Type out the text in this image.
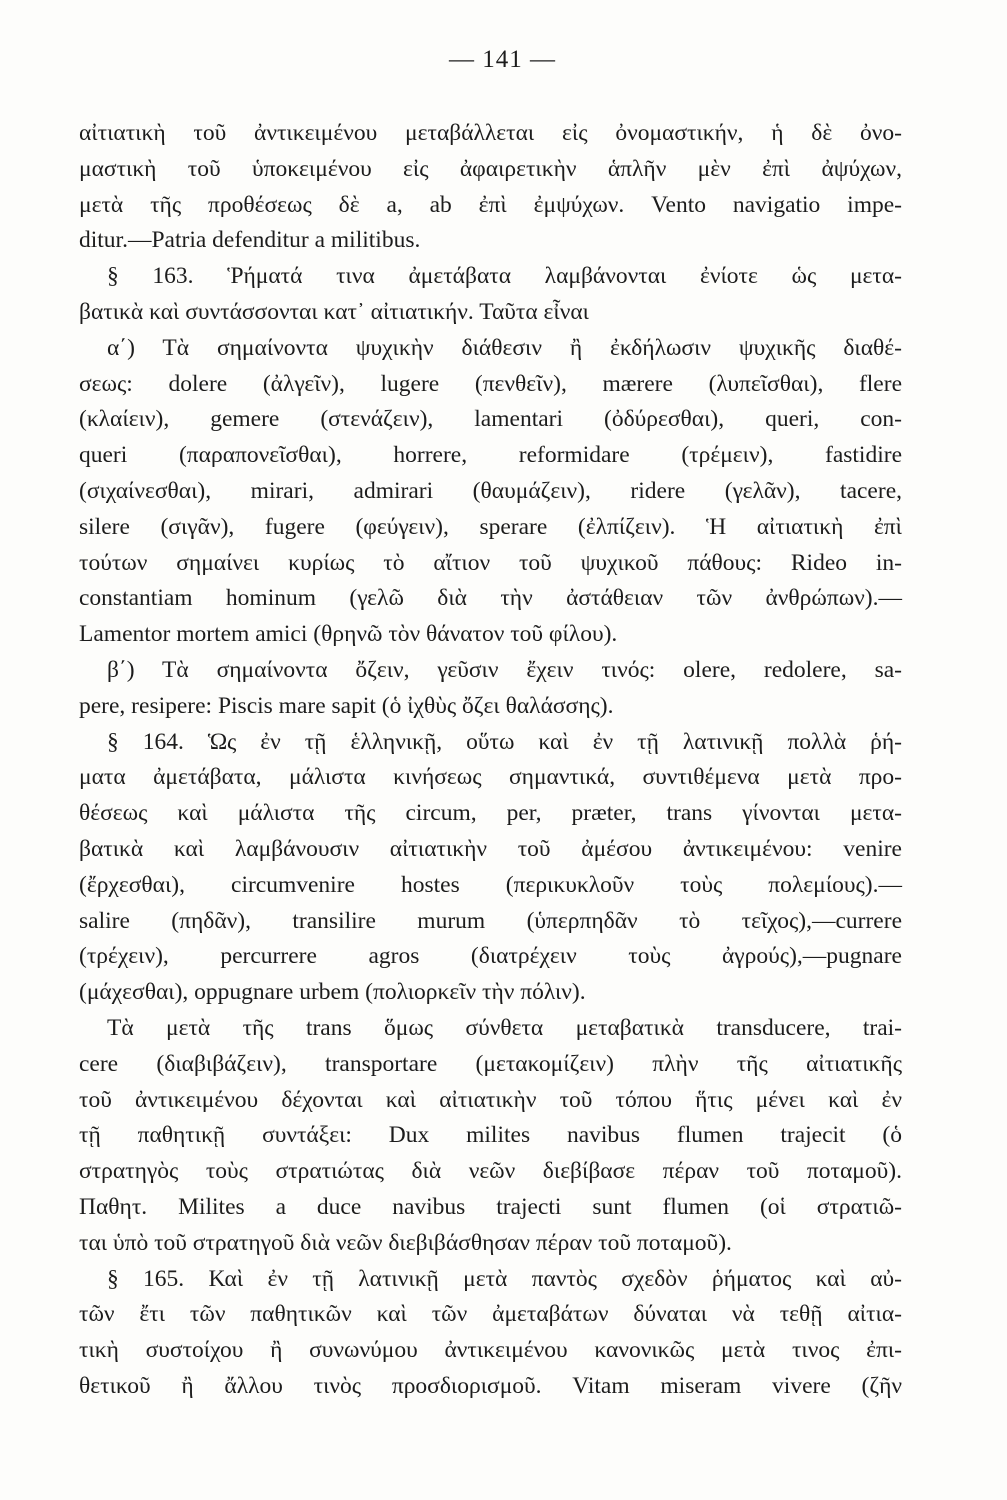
— 141 —
αἰτιατικὴ τοῦ ἀντικειμένου μεταβάλλεται εἰς ὀνομαστικήν, ἡ δὲ ὀνο-
μαστικὴ τοῦ ὑποκειμένου εἰς ἀφαιρετικὴν ἁπλῆν μὲν ἐπὶ ἀψύχων,
μετὰ τῆς προθέσεως δὲ a, ab ἐπὶ ἐμψύχων. Vento navigatio impe-
ditur.—Patria defenditur a militibus.
§ 163. Ῥήματά τινα ἀμετάβατα λαμβάνονται ἐνίοτε ὡς μετα-
βατικὰ καὶ συντάσσονται κατ᾽ αἰτιατικήν. Ταῦτα εἶναι
α΄) Τὰ σημαίνοντα ψυχικὴν διάθεσιν ἢ ἐκδήλωσιν ψυχικῆς διαθέ-
σεως: dolere (ἀλγεῖν), lugere (πενθεῖν), mærere (λυπεῖσθαι), flere
(κλαίειν), gemere (στενάζειν), lamentari (ὀδύρεσθαι), queri, con-
queri (παραπονεῖσθαι), horrere, reformidare (τρέμειν), fastidire
(σιχαίνεσθαι), mirari, admirari (θαυμάζειν), ridere (γελᾶν), tacere,
silere (σιγᾶν), fugere (φεύγειν), sperare (ἐλπίζειν). Ἡ αἰτιατικὴ ἐπὶ
τούτων σημαίνει κυρίως τὸ αἴτιον τοῦ ψυχικοῦ πάθους: Rideo in-
constantiam hominum (γελῶ διὰ τὴν ἀστάθειαν τῶν ἀνθρώπων).—
Lamentor mortem amici (θρηνῶ τὸν θάνατον τοῦ φίλου).
β΄) Τὰ σημαίνοντα ὄζειν, γεῦσιν ἔχειν τινός: olere, redolere, sa-
pere, resipere: Piscis mare sapit (ὁ ἰχθὺς ὄζει θαλάσσης).
§ 164. Ὡς ἐν τῇ ἑλληνικῇ, οὕτω καὶ ἐν τῇ λατινικῇ πολλὰ ῥή-
ματα ἀμετάβατα, μάλιστα κινήσεως σημαντικά, συντιθέμενα μετὰ προ-
θέσεως καὶ μάλιστα τῆς circum, per, præter, trans γίνονται μετα-
βατικὰ καὶ λαμβάνουσιν αἰτιατικὴν τοῦ ἀμέσου ἀντικειμένου: venire
(ἔρχεσθαι), circumvenire hostes (περικυκλοῦν τοὺς πολεμίους).—
salire (πηδᾶν), transilire murum (ὑπερπηδᾶν τὸ τεῖχος),—currere
(τρέχειν), percurrere agros (διατρέχειν τοὺς ἀγρούς),—pugnare
(μάχεσθαι), oppugnare urbem (πολιορκεῖν τὴν πόλιν).
Τὰ μετὰ τῆς trans ὅμως σύνθετα μεταβατικὰ transducere, trai-
cere (διαβιβάζειν), transportare (μετακομίζειν) πλὴν τῆς αἰτιατικῆς
τοῦ ἀντικειμένου δέχονται καὶ αἰτιατικὴν τοῦ τόπου ἥτις μένει καὶ ἐν
τῇ παθητικῇ συντάξει: Dux milites navibus flumen trajecit (ὁ
στρατηγὸς τοὺς στρατιώτας διὰ νεῶν διεβίβασε πέραν τοῦ ποταμοῦ).
Παθητ. Milites a duce navibus trajecti sunt flumen (οἱ στρατιῶ-
ται ὑπὸ τοῦ στρατηγοῦ διὰ νεῶν διεβιβάσθησαν πέραν τοῦ ποταμοῦ).
§ 165. Καὶ ἐν τῇ λατινικῇ μετὰ παντὸς σχεδὸν ῥήματος καὶ αὐ-
τῶν ἔτι τῶν παθητικῶν καὶ τῶν ἀμεταβάτων δύναται νὰ τεθῇ αἰτια-
τικὴ συστοίχου ἢ συνωνύμου ἀντικειμένου κανονικῶς μετὰ τινος ἐπι-
θετικοῦ ἢ ἄλλου τινὸς προσδιορισμοῦ. Vitam miseram vivere (ζῆν
